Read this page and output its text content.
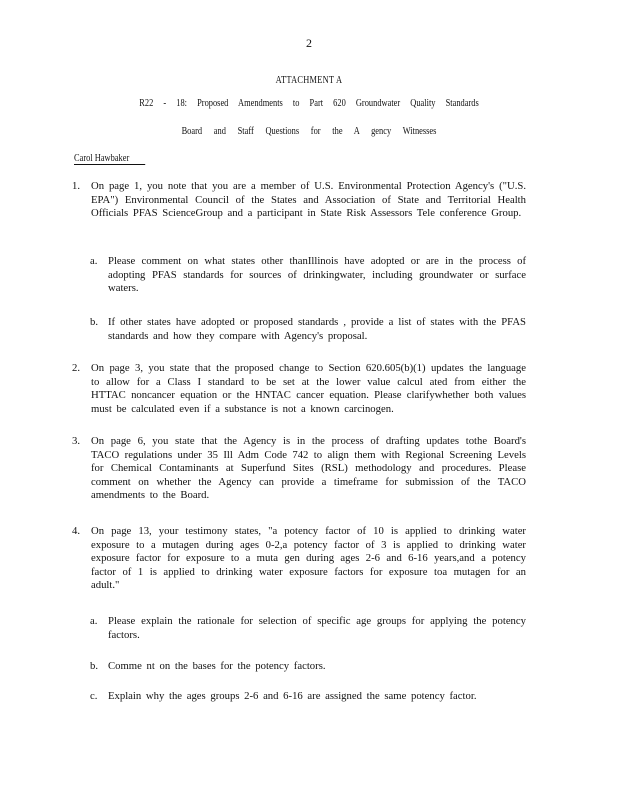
2
ATTACHMENT A
R22 - 18: Proposed Amendments to Part 620 Groundwater Quality Standards
Board and Staff Questions for the A gency Witnesses
Carol Hawbaker
1. On page 1, you note that you are a member of U.S. Environmental Protection Agency's ("U.S. EPA") Environmental Council of the States and Association of State and Territorial Health Officials PFAS ScienceGroup and a participant in State Risk Assessors Tele conference Group.
a. Please comment on what states other thanIllinois have adopted or are in the process of adopting PFAS standards for sources of drinkingwater, including groundwater or surface waters.
b. If other states have adopted or proposed standards , provide a list of states with the PFAS standards and how they compare with Agency's proposal.
2. On page 3, you state that the proposed change to Section 620.605(b)(1) updates the language to allow for a Class I standard to be set at the lower value calcul ated from either the HTTAC noncancer equation or the HNTAC cancer equation. Please clarifywhether both values must be calculated even if a substance is not a known carcinogen.
3. On page 6, you state that the Agency is in the process of drafting updates tothe Board's TACO regulations under 35 Ill Adm Code 742 to align them with Regional Screening Levels for Chemical Contaminants at Superfund Sites (RSL) methodology and procedures. Please comment on whether the Agency can provide a timeframe for submission of the TACO amendments to the Board.
4. On page 13, your testimony states, "a potency factor of 10 is applied to drinking water exposure to a mutagen during ages 0-2,a potency factor of 3 is applied to drinking water exposure factor for exposure to a muta gen during ages 2-6 and 6-16 years,and a potency factor of 1 is applied to drinking water exposure factors for exposure toa mutagen for an adult."
a. Please explain the rationale for selection of specific age groups for applying the potency factors.
b. Comme nt on the bases for the potency factors.
c. Explain why the ages groups 2-6 and 6-16 are assigned the same potency factor.
